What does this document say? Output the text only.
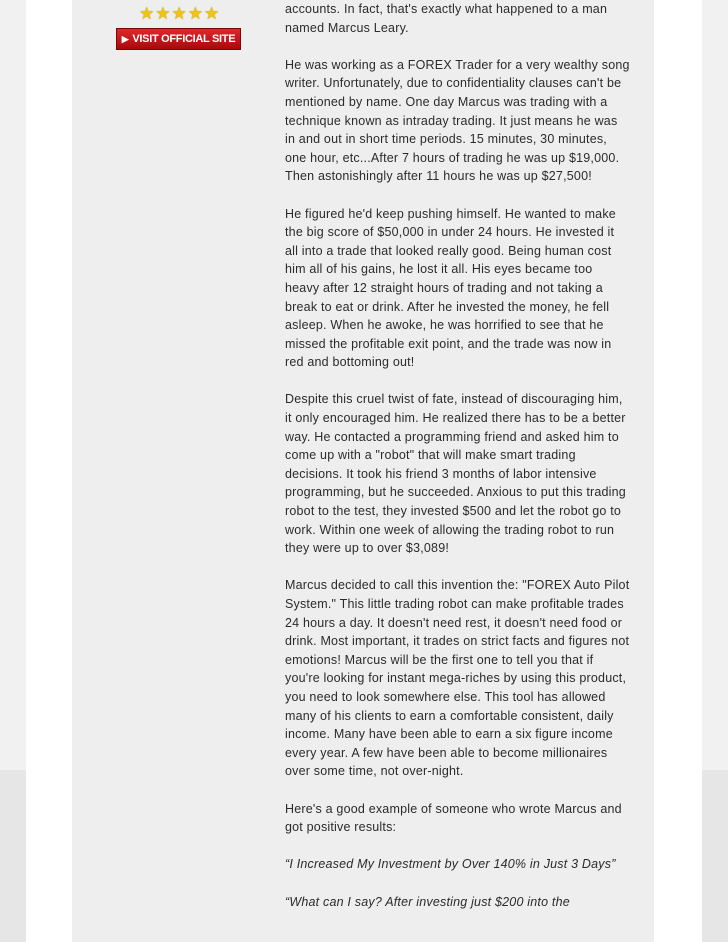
★ ★ ★ ★ ★
▶ VISIT OFFICIAL SITE

accounts. In fact, that's exactly what happened to a man named Marcus Leary.

He was working as a FOREX Trader for a very wealthy song writer. Unfortunately, due to confidentiality clauses can't be mentioned by name. One day Marcus was trading with a technique known as intraday trading. It just means he was in and out in short time periods. 15 minutes, 30 minutes, one hour, etc...After 7 hours of trading he was up $19,000. Then astonishingly after 11 hours he was up $27,500!

He figured he'd keep pushing himself. He wanted to make the big score of $50,000 in under 24 hours. He invested it all into a trade that looked really good. Being human cost him all of his gains, he lost it all. His eyes became too heavy after 12 straight hours of trading and not taking a break to eat or drink. After he invested the money, he fell asleep. When he awoke, he was horrified to see that he missed the profitable exit point, and the trade was now in red and bottoming out!

Despite this cruel twist of fate, instead of discouraging him, it only encouraged him. He realized there has to be a better way. He contacted a programming friend and asked him to come up with a "robot" that will make smart trading decisions. It took his friend 3 months of labor intensive programming, but he succeeded. Anxious to put this trading robot to the test, they invested $500 and let the robot go to work. Within one week of allowing the trading robot to run they were up to over $3,089!

Marcus decided to call this invention the: "FOREX Auto Pilot System." This little trading robot can make profitable trades 24 hours a day. It doesn't need rest, it doesn't need food or drink. Most important, it trades on strict facts and figures not emotions! Marcus will be the first one to tell you that if you're looking for instant mega-riches by using this product, you need to look somewhere else. This tool has allowed many of his clients to earn a comfortable consistent, daily income. Many have been able to earn a six figure income every year. A few have been able to become millionaires over some time, not over-night.

Here's a good example of someone who wrote Marcus and got positive results:

“I Increased My Investment by Over 140% in Just 3 Days”

“What can I say? After investing just $200 into the
